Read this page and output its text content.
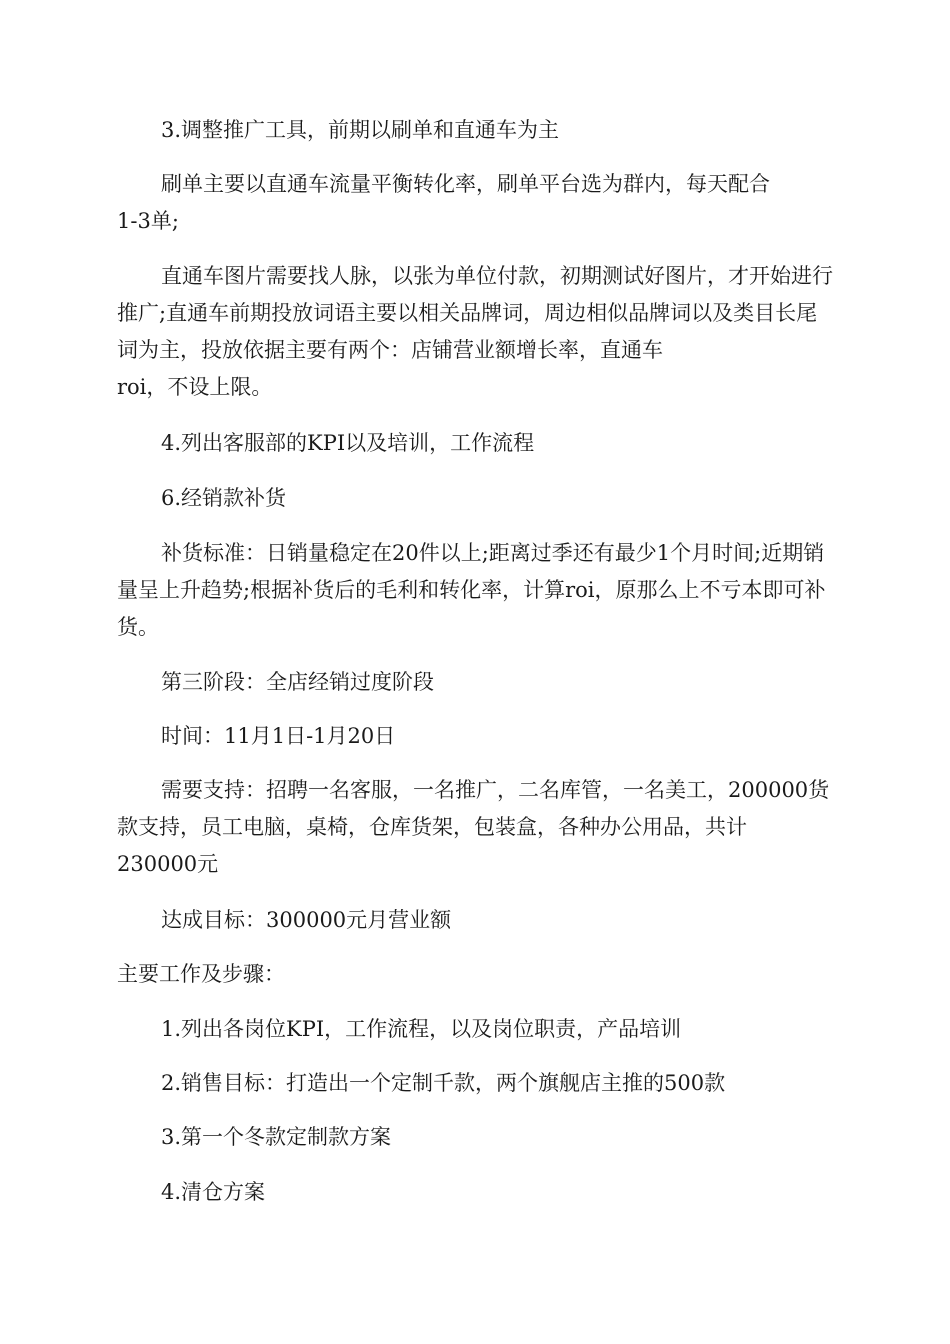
3.调整推广工具，前期以刷单和直通车为主

刷单主要以直通车流量平衡转化率，刷单平台选为群内，每天配合
1-3单;

直通车图片需要找人脉，以张为单位付款，初期测试好图片，才开始进行推广;直通车前期投放词语主要以相关品牌词，周边相似品牌词以及类目长尾词为主，投放依据主要有两个：店铺营业额增长率，直通车
roi，不设上限。

4.列出客服部的KPI以及培训，工作流程

6.经销款补货

补货标准：日销量稳定在20件以上;距离过季还有最少1个月时间;近期销量呈上升趋势;根据补货后的毛利和转化率，计算roi，原那么上不亏本即可补货。

第三阶段：全店经销过度阶段

时间：11月1日-1月20日

需要支持：招聘一名客服，一名推广，二名库管，一名美工，200000货款支持，员工电脑，桌椅，仓库货架，包装盒，各种办公用品，共计
230000元

达成目标：300000元月营业额

主要工作及步骤：

1.列出各岗位KPI，工作流程，以及岗位职责，产品培训

2.销售目标：打造出一个定制千款，两个旗舰店主推的500款

3.第一个冬款定制款方案

4.清仓方案
